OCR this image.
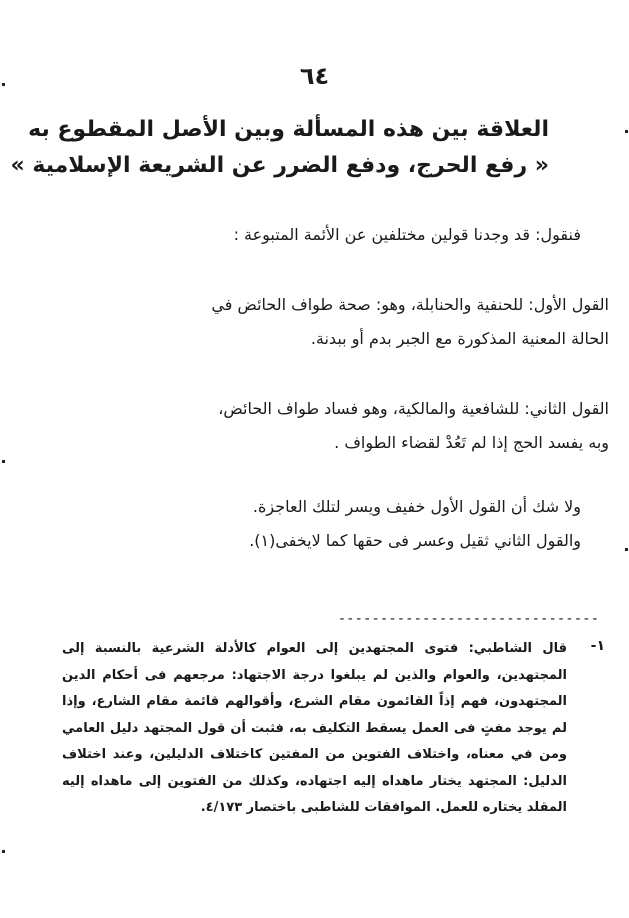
٦٤
العلاقة بين هذه المسألة وبين الأصل المقطوع به
« رفع الحرج، ودفع الضرر عن الشريعة الإسلامية »
فنقول: قد وجدنا قولين مختلفين عن الأئمة المتبوعة :
القول الأول: للحنفية والحنابلة، وهو: صحة طواف الحائض في
الحالة المعنية المذكورة مع الجبر بدم أو ببدنة.
القول الثاني: للشافعية والمالكية، وهو فساد طواف الحائض،
وبه يفسد الحج إذا لم تَعُدْ لقضاء الطواف .
ولا شك أن القول الأول خفيف ويسر لتلك العاجزة.
والقول الثاني ثقيل وعسر فى حقها كما لايخفى(١).
-------------------------------
١-
قال الشاطبي: فتوى المجتهدين إلى العوام كالأدلة الشرعية بالنسبة إلى المجتهدين، والعوام والذين لم يبلغوا درجة الاجتهاد: مرجعهم فى أحكام الدين المجتهدون، فهم إذاً القائمون مقام الشرع، وأقوالهم قائمة مقام الشارع، وإذا لم يوجد مفتٍ فى العمل يسقط التكليف به، فثبت أن قول المجتهد دليل العامي ومن في معناه، واختلاف الفتوين من المفتين كاختلاف الدليلين، وعند اختلاف الدليل: المجتهد يختار ماهداه إليه اجتهاده، وكذلك من الفتوين إلى ماهداه إليه المقلد يختاره للعمل. الموافقات للشاطبى باختصار ٤/١٧٣.
